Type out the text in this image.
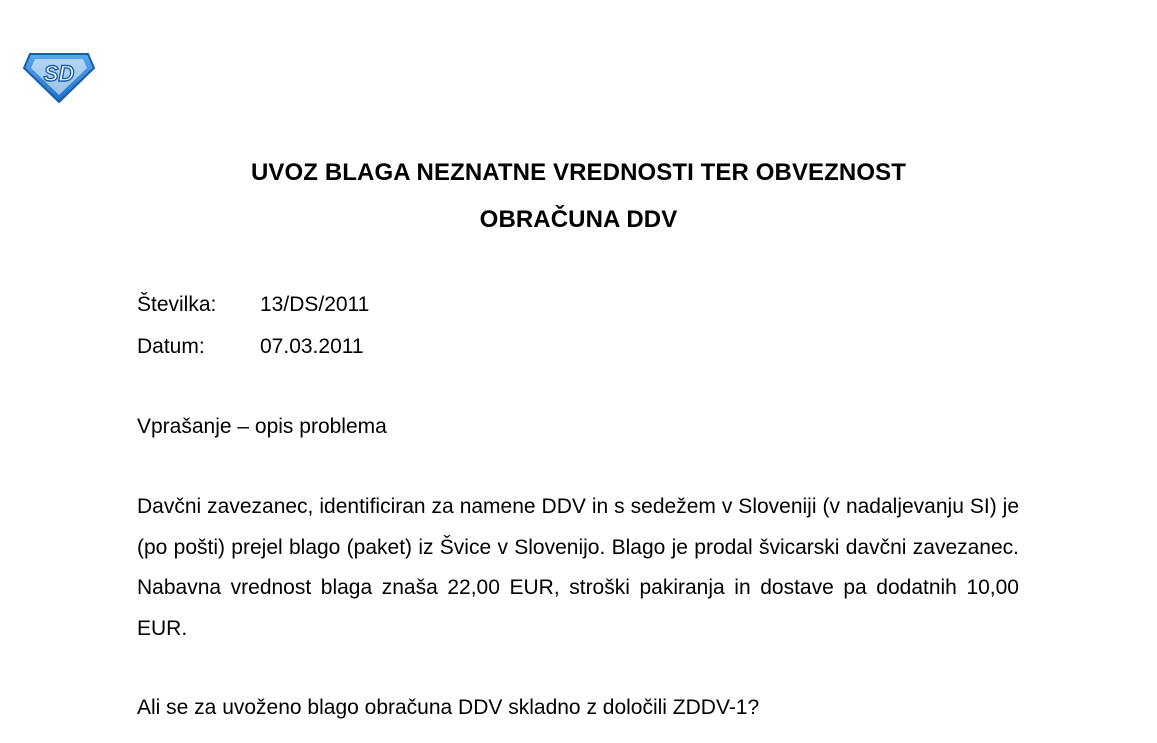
SD
UVOZ BLAGA NEZNATNE VREDNOSTI TER OBVEZNOST
OBRAČUNA DDV
Številka: 13/DS/2011
Datum:	07.03.2011
Vprašanje – opis problema

Davčni zavezanec, identificiran za namene DDV in s sedežem v Sloveniji (v nadaljevanju SI) je (po pošti) prejel blago (paket) iz Švice v Slovenijo. Blago je prodal švicarski davčni zavezanec. Nabavna vrednost blaga znaša 22,00 EUR, stroški pakiranja in dostave pa dodatnih 10,00 EUR.

Ali se za uvoženo blago obračuna DDV skladno z določili ZDDV-1?
